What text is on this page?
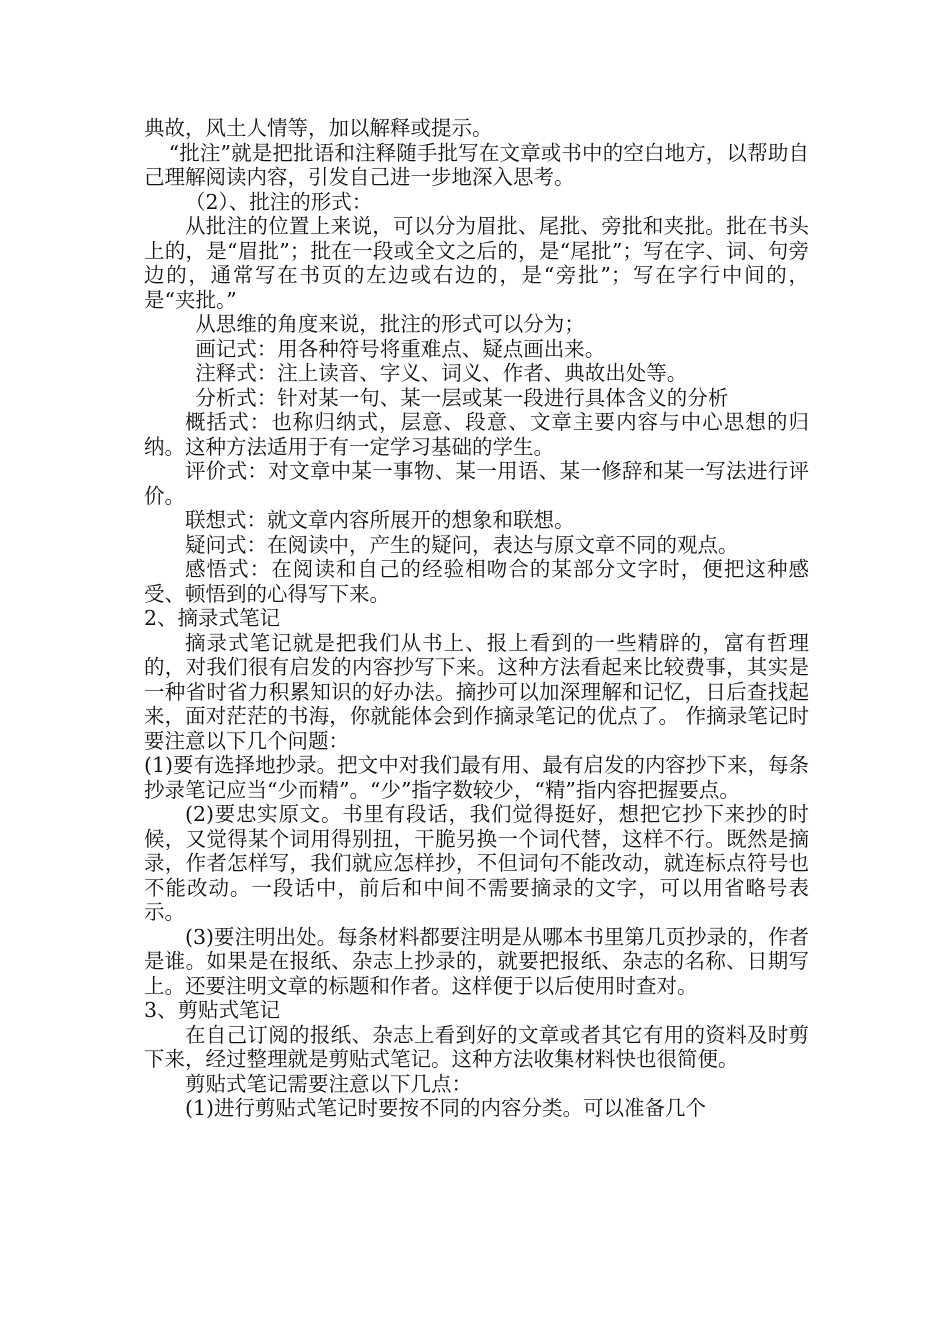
典故，风土人情等，加以解释或提示。

“批注”就是把批语和注释随手批写在文章或书中的空白地方，以帮助自己理解阅读内容，引发自己进一步地深入思考。

（2）、批注的形式：

从批注的位置上来说，可以分为眉批、尾批、旁批和夹批。批在书头上的，是“眉批”；批在一段或全文之后的，是“尾批”；写在字、词、句旁边的，通常写在书页的左边或右边的，是“旁批”；写在字行中间的，是“夹批。”

从思维的角度来说，批注的形式可以分为；

画记式：用各种符号将重难点、疑点画出来。

注释式：注上读音、字义、词义、作者、典故出处等。

分析式：针对某一句、某一层或某一段进行具体含义的分析

概括式：也称归纳式，层意、段意、文章主要内容与中心思想的归纳。这种方法适用于有一定学习基础的学生。

评价式：对文章中某一事物、某一用语、某一修辞和某一写法进行评价。

联想式：就文章内容所展开的想象和联想。

疑问式：在阅读中，产生的疑问，表达与原文章不同的观点。

感悟式：在阅读和自己的经验相吻合的某部分文字时，便把这种感受、顿悟到的心得写下来。

2、摘录式笔记

摘录式笔记就是把我们从书上、报上看到的一些精辟的，富有哲理的，对我们很有启发的内容抄写下来。这种方法看起来比较费事，其实是一种省时省力积累知识的好办法。摘抄可以加深理解和记忆，日后查找起来，面对茫茫的书海，你就能体会到作摘录笔记的优点了。 作摘录笔记时要注意以下几个问题：

(1)要有选择地抄录。把文中对我们最有用、最有启发的内容抄下来，每条抄录笔记应当“少而精”。“少”指字数较少，“精”指内容把握要点。

(2)要忠实原文。书里有段话，我们觉得挺好，想把它抄下来抄的时候，又觉得某个词用得别扭，干脆另换一个词代替，这样不行。既然是摘录，作者怎样写，我们就应怎样抄，不但词句不能改动，就连标点符号也不能改动。一段话中，前后和中间不需要摘录的文字，可以用省略号表示。

(3)要注明出处。每条材料都要注明是从哪本书里第几页抄录的，作者是谁。如果是在报纸、杂志上抄录的，就要把报纸、杂志的名称、日期写上。还要注明文章的标题和作者。这样便于以后使用时查对。

3、剪贴式笔记

在自己订阅的报纸、杂志上看到好的文章或者其它有用的资料及时剪下来，经过整理就是剪贴式笔记。这种方法收集材料快也很简便。

剪贴式笔记需要注意以下几点：

(1)进行剪贴式笔记时要按不同的内容分类。可以准备几个
